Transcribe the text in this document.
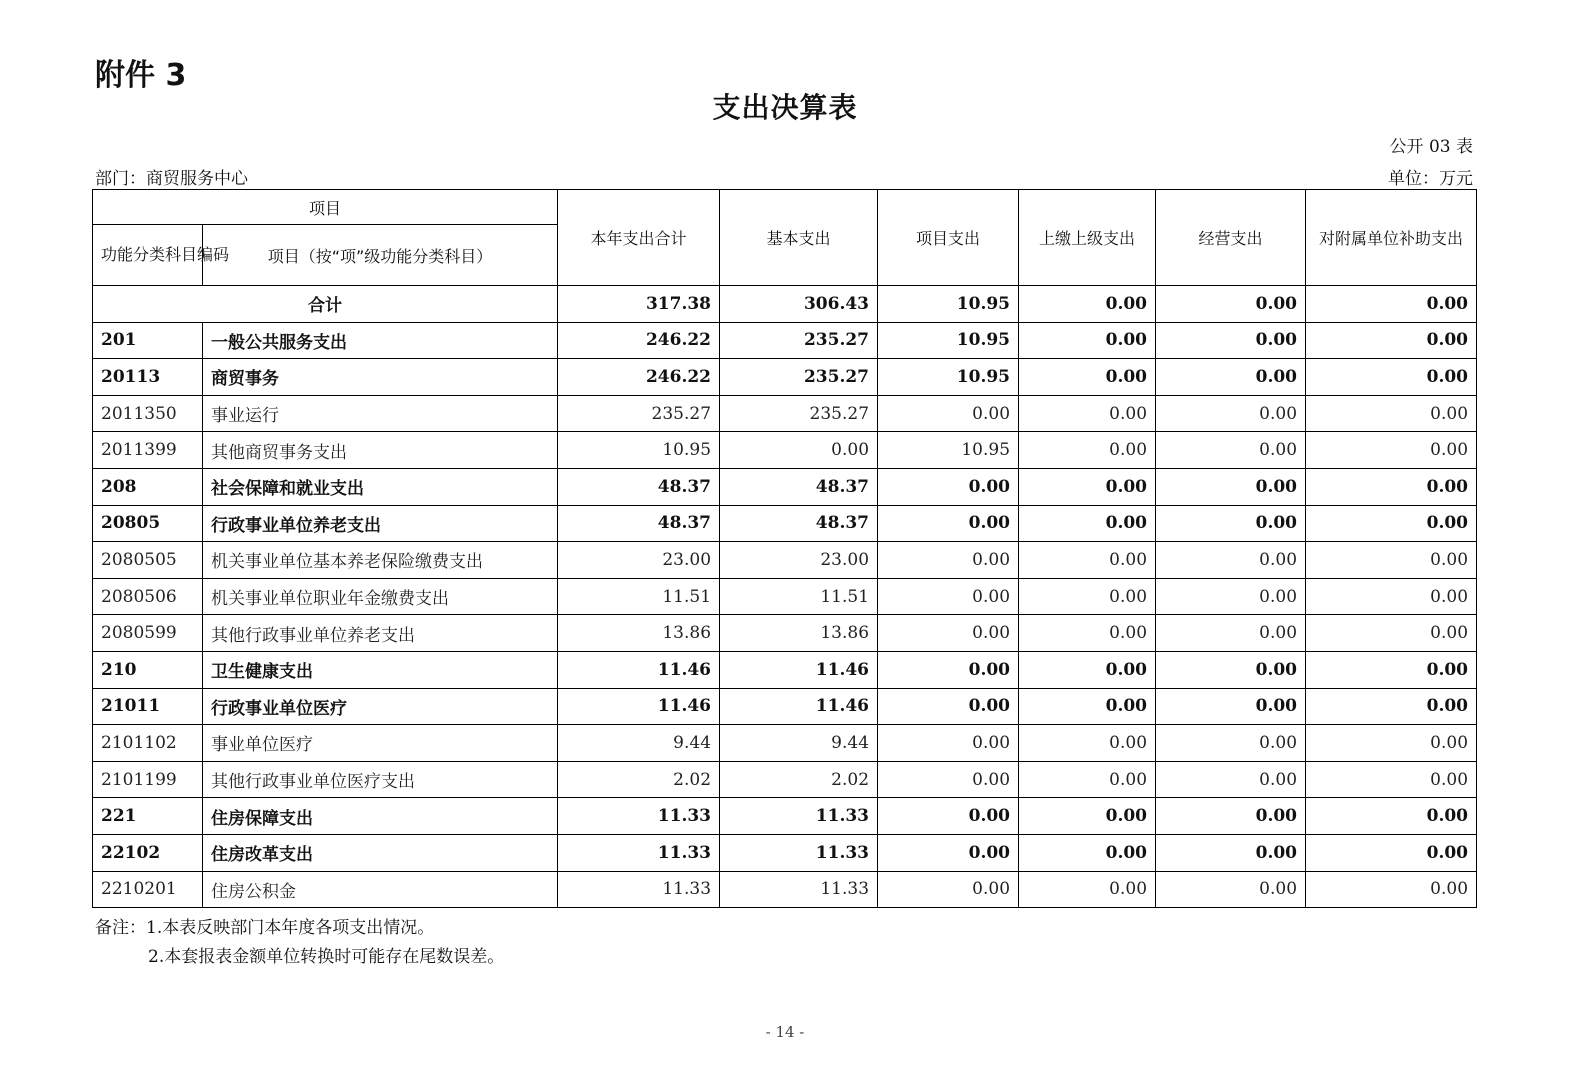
附件 3
支出决算表
公开 03 表
部门：商贸服务中心	单位：万元
项目		本年支出合计	基本支出	项目支出	上缴上级支出	经营支出	对附属单位补助支出
功能分类科目编码	项目（按“项”级功能分类科目）						
合计		317.38	306.43	10.95	0.00	0.00	0.00
201	一般公共服务支出	246.22	235.27	10.95	0.00	0.00	0.00
20113	商贸事务	246.22	235.27	10.95	0.00	0.00	0.00
2011350	事业运行	235.27	235.27	0.00	0.00	0.00	0.00
2011399	其他商贸事务支出	10.95	0.00	10.95	0.00	0.00	0.00
208	社会保障和就业支出	48.37	48.37	0.00	0.00	0.00	0.00
20805	行政事业单位养老支出	48.37	48.37	0.00	0.00	0.00	0.00
2080505	机关事业单位基本养老保险缴费支出	23.00	23.00	0.00	0.00	0.00	0.00
2080506	机关事业单位职业年金缴费支出	11.51	11.51	0.00	0.00	0.00	0.00
2080599	其他行政事业单位养老支出	13.86	13.86	0.00	0.00	0.00	0.00
210	卫生健康支出	11.46	11.46	0.00	0.00	0.00	0.00
21011	行政事业单位医疗	11.46	11.46	0.00	0.00	0.00	0.00
2101102	事业单位医疗	9.44	9.44	0.00	0.00	0.00	0.00
2101199	其他行政事业单位医疗支出	2.02	2.02	0.00	0.00	0.00	0.00
221	住房保障支出	11.33	11.33	0.00	0.00	0.00	0.00
22102	住房改革支出	11.33	11.33	0.00	0.00	0.00	0.00
2210201	住房公积金	11.33	11.33	0.00	0.00	0.00	0.00
备注：1.本表反映部门本年度各项支出情况。
2.本套报表金额单位转换时可能存在尾数误差。
- 14 -
